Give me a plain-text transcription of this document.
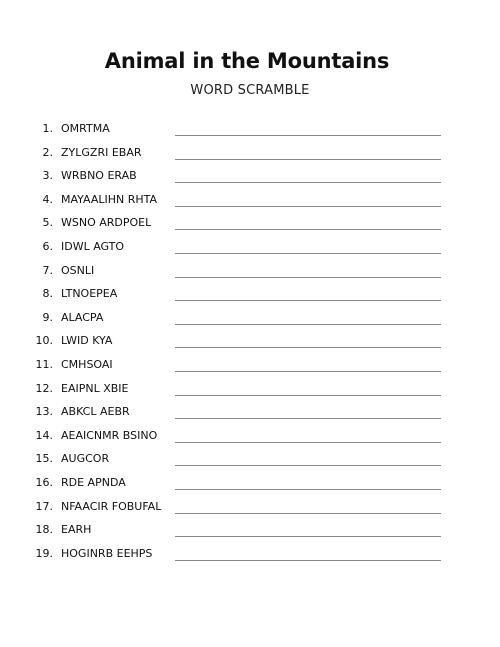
Animal in the Mountains
WORD SCRAMBLE
1. OMRTMA
2. ZYLGZRI EBAR
3. WRBNO ERAB
4. MAYAALIHN RHTA
5. WSNO ARDPOEL
6. IDWL AGTO
7. OSNLI
8. LTNOEPEA
9. ALACPA
10. LWID KYA
11. CMHSOAI
12. EAIPNL XBIE
13. ABKCL AEBR
14. AEAICNMR BSINO
15. AUGCOR
16. RDE APNDA
17. NFAACIR FOBUFAL
18. EARH
19. HOGINRB EEHPS
